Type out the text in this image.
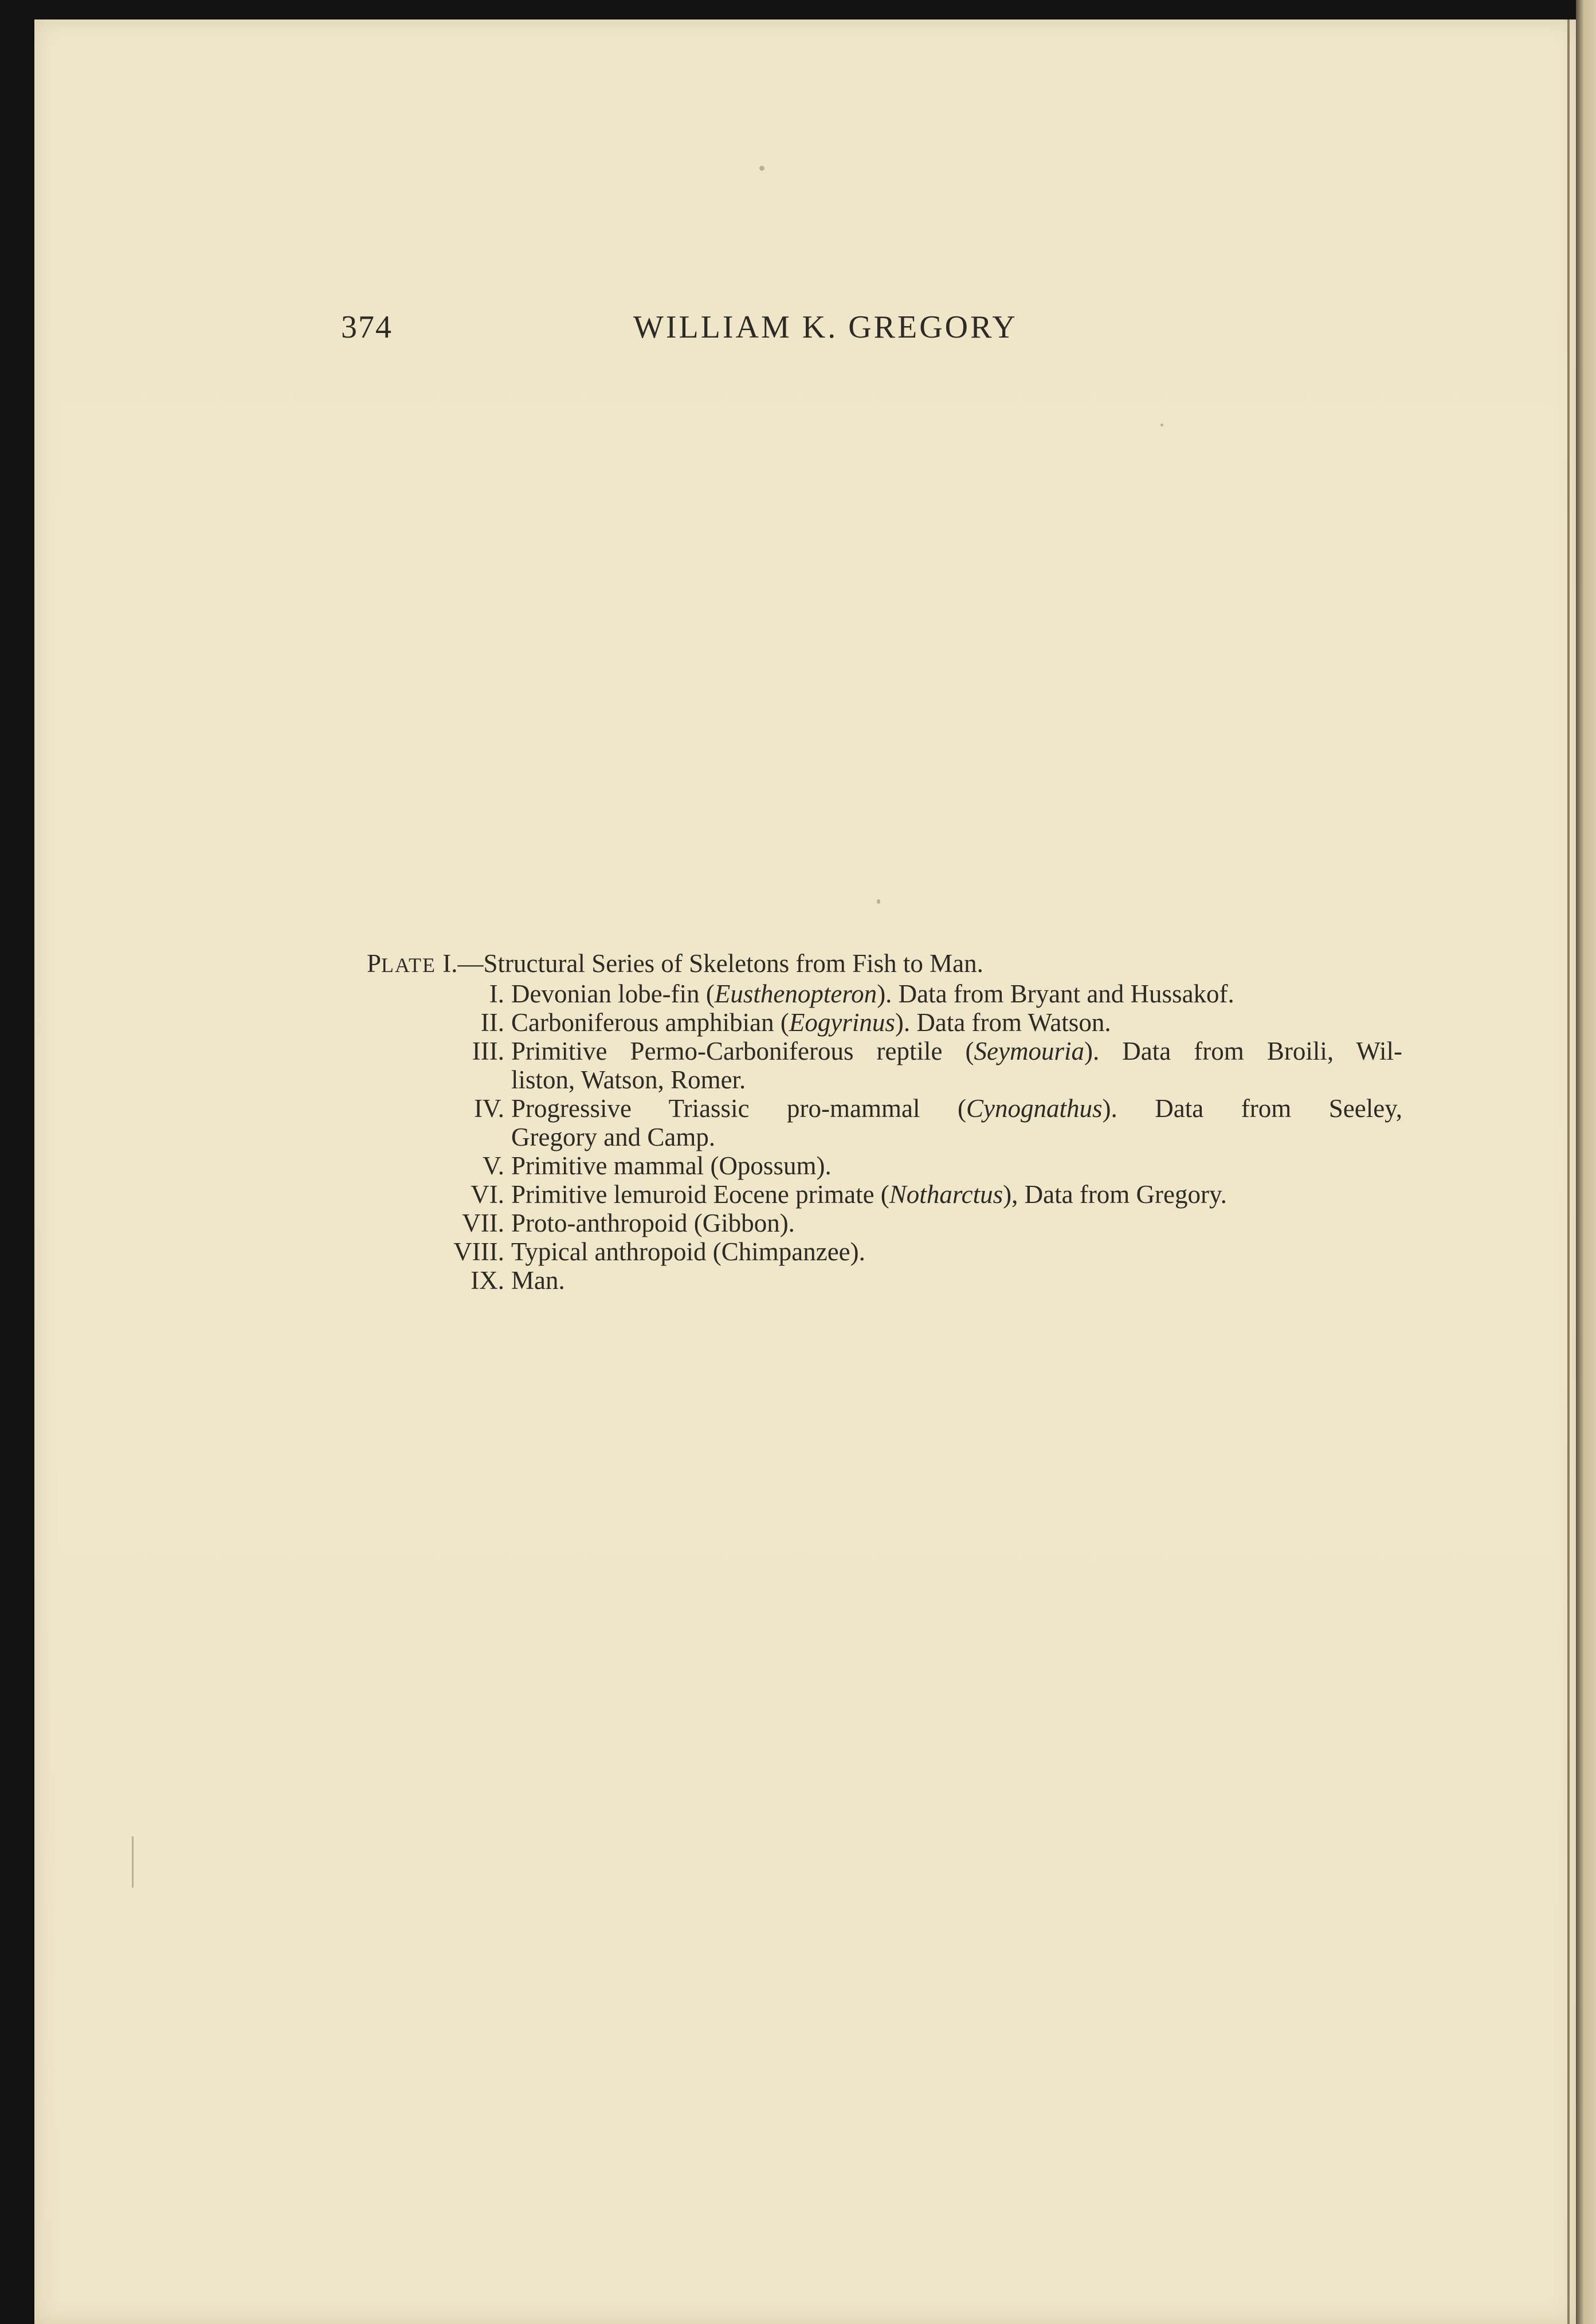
374	WILLIAM K. GREGORY
PLATE I.—Structural Series of Skeletons from Fish to Man.
I. Devonian lobe-fin (Eusthenopteron). Data from Bryant and Hussakof.
II. Carboniferous amphibian (Eogyrinus). Data from Watson.
III. Primitive Permo-Carboniferous reptile (Seymouria). Data from Broili, Wil-
liston, Watson, Romer.
IV. Progressive Triassic pro-mammal (Cynognathus). Data from Seeley,
Gregory and Camp.
V. Primitive mammal (Opossum).
VI. Primitive lemuroid Eocene primate (Notharctus), Data from Gregory.
VII. Proto-anthropoid (Gibbon).
VIII. Typical anthropoid (Chimpanzee).
IX. Man.
